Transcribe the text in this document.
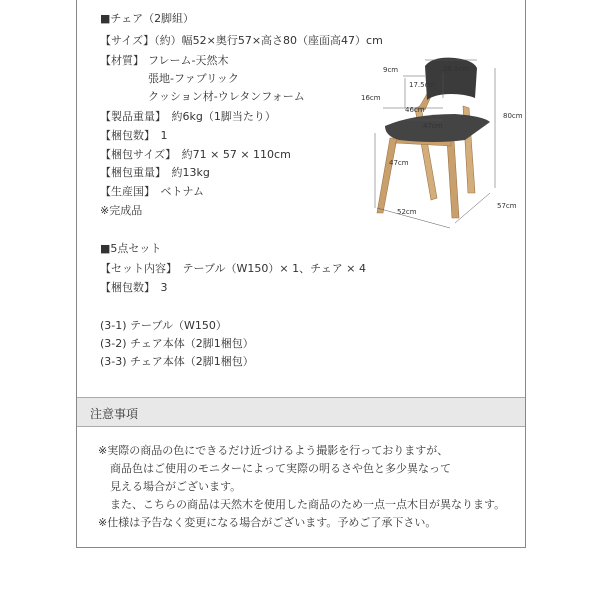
■チェア（2脚組）
【サイズ】（約）幅52×奥行57×高さ80（座面高47）cm
【材質】 フレーム-天然木
張地-ファブリック
クッション材-ウレタンフォーム
【製品重量】　約6kg（1脚当たり）
【梱包数】　1
【梱包サイズ】　約71 × 57 × 110cm
【梱包重量】　約13kg
【生産国】　ベトナム
※完成品
9cm	26.5cm
16cm
17.5cm
46cm
47cm
47cm
80cm
52cm
57cm
■5点セット
【セット内容】　テーブル（W150）× 1、チェア × 4
【梱包数】　3
(3-1) テーブル（W150）
(3-2) チェア本体（2脚1梱包）
(3-3) チェア本体（2脚1梱包）
注意事項
※実際の商品の色にできるだけ近づけるよう撮影を行っておりますが、
商品色はご使用のモニターによって実際の明るさや色と多少異なって
見える場合がございます。
また、こちらの商品は天然木を使用した商品のため一点一点木目が異なります。
※仕様は予告なく変更になる場合がございます。予めご了承下さい。
